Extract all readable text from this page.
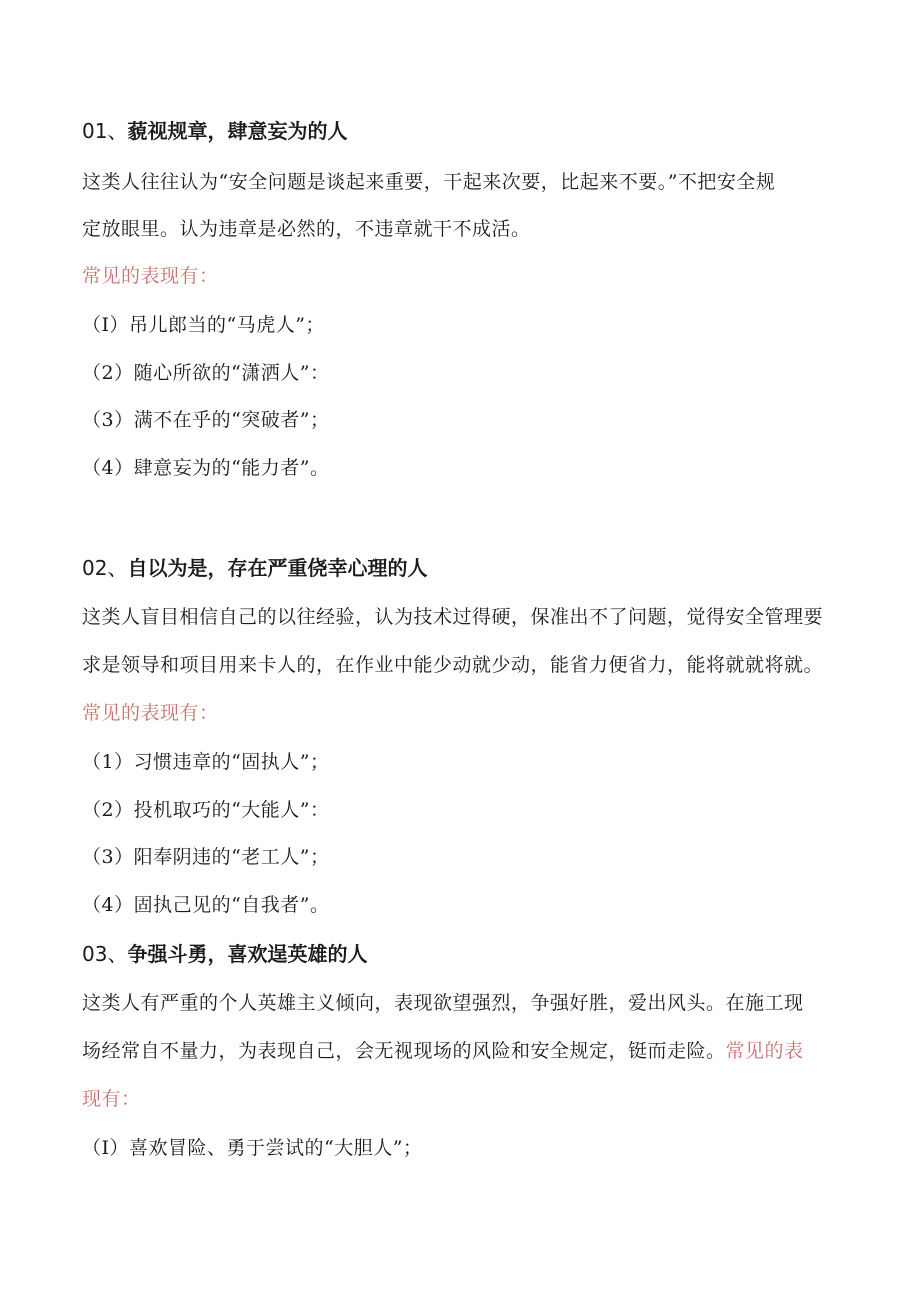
01、藐视规章，肆意妄为的人
这类人往往认为“安全问题是谈起来重要，干起来次要，比起来不要。”不把安全规
定放眼里。认为违章是必然的，不违章就干不成活。
常见的表现有：
（I）吊儿郎当的“马虎人”；
（2）随心所欲的“潇洒人”：
（3）满不在乎的“突破者”；
（4）肆意妄为的“能力者”。
02、自以为是，存在严重侥幸心理的人
这类人盲目相信自己的以往经验，认为技术过得硬，保准出不了问题，觉得安全管理要
求是领导和项目用来卡人的，在作业中能少动就少动，能省力便省力，能将就就将就。
常见的表现有：
（1）习惯违章的“固执人”；
（2）投机取巧的“大能人”：
（3）阳奉阴违的“老工人”；
（4）固执己见的“自我者”。
03、争强斗勇，喜欢逞英雄的人
这类人有严重的个人英雄主义倾向，表现欲望强烈，争强好胜，爱出风头。在施工现
场经常自不量力，为表现自己，会无视现场的风险和安全规定，铤而走险。常见的表
现有：
（I）喜欢冒险、勇于尝试的“大胆人”；
